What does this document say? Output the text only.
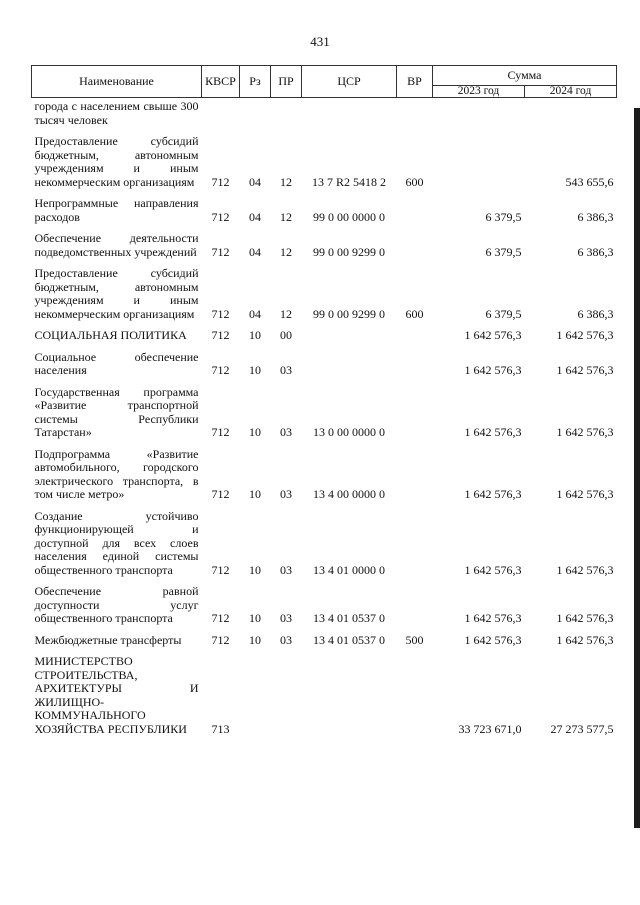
431
Наименование	КВСР	Рз	ПР	ЦСР	ВР	Сумма	
						2023 год	2024 год
города с населением свыше 300 тысяч человек							
Предоставление субсидий бюджетным, автономным учреждениям и иным некоммерческим организациям	712	04	12	13 7 R2 5418 2	600		543 655,6
Непрограммные направления расходов	712	04	12	99 0 00 0000 0		6 379,5	6 386,3
Обеспечение деятельности подведомственных учреждений	712	04	12	99 0 00 9299 0		6 379,5	6 386,3
Предоставление субсидий бюджетным, автономным учреждениям и иным некоммерческим организациям	712	04	12	99 0 00 9299 0	600	6 379,5	6 386,3
СОЦИАЛЬНАЯ ПОЛИТИКА	712	10	00			1 642 576,3	1 642 576,3
Социальное обеспечение населения	712	10	03			1 642 576,3	1 642 576,3
Государственная программа «Развитие транспортной системы Республики Татарстан»	712	10	03	13 0 00 0000 0		1 642 576,3	1 642 576,3
Подпрограмма «Развитие автомобильного, городского электрического транспорта, в том числе метро»	712	10	03	13 4 00 0000 0		1 642 576,3	1 642 576,3
Создание устойчиво функционирующей и доступной для всех слоев населения единой системы общественного транспорта	712	10	03	13 4 01 0000 0		1 642 576,3	1 642 576,3
Обеспечение равной доступности услуг общественного транспорта	712	10	03	13 4 01 0537 0		1 642 576,3	1 642 576,3
Межбюджетные трансферты	712	10	03	13 4 01 0537 0	500	1 642 576,3	1 642 576,3
МИНИСТЕРСТВО СТРОИТЕЛЬСТВА, АРХИТЕКТУРЫ И ЖИЛИЩНО-КОММУНАЛЬНОГО ХОЗЯЙСТВА РЕСПУБЛИКИ	713					33 723 671,0	27 273 577,5
